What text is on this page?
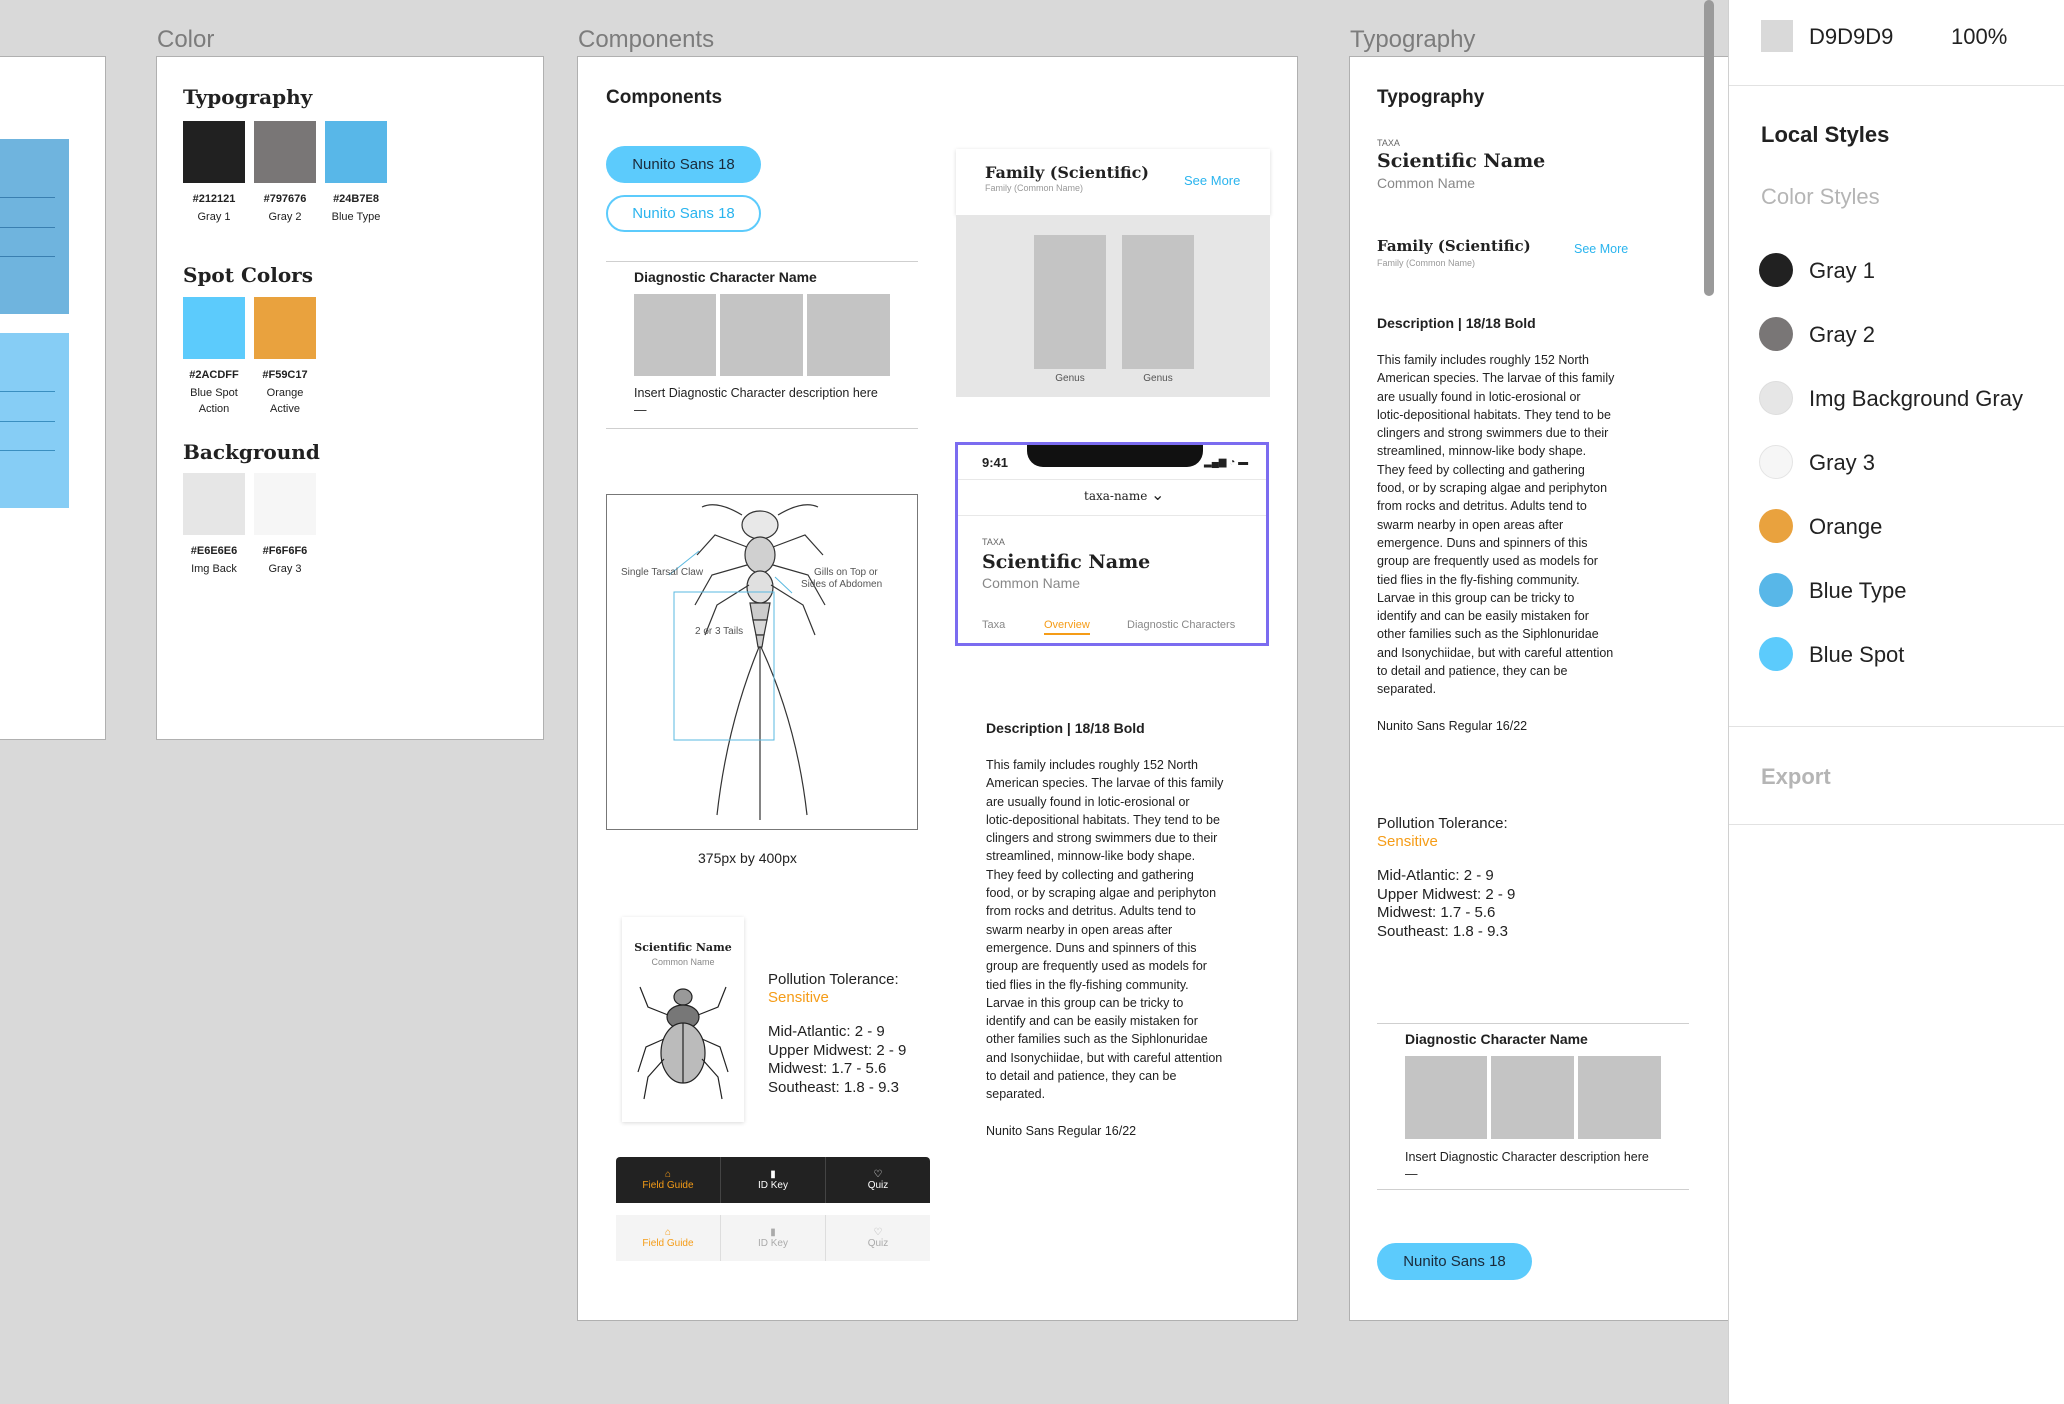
Color	Components	Typography
Typography
Spot Colors
Background
#212121
Gray 1
#797676
Gray 2
#24B7E8
Blue Type
#2ACDFF
Blue Spot
Action
#F59C17
Orange
Active
#E6E6E6
Img Back
#F6F6F6
Gray 3
Components
Nunito Sans 18
Nunito Sans 18
Diagnostic Character Name
Insert Diagnostic Character description here—
Single Tarsal Claw	Gills on Top or
Sides of Abdomen
2 or 3 Tails
375px by 400px
Scientific Name
Common Name
Pollution Tolerance:
Sensitive
Mid-Atlantic: 2 - 9
Upper Midwest: 2 - 9
Midwest: 1.7 - 5.6
Southeast: 1.8 - 9.3
⌂
Field Guide
▮
ID Key
♡
Quiz
⌂
Field Guide
▮
ID Key
♡
Quiz
Family (Scientific)
Family (Common Name)	See More
Genus	Genus
9:41	▂▄▆ ◔ ▬
taxa-name ⌄
TAXA
Scientific Name
Common Name
Taxa	Overview	Diagnostic Characters
Description | 18/18 Bold
This family includes roughly 152 North
American species. The larvae of this family
are usually found in lotic-erosional or
lotic-depositional habitats. They tend to be
clingers and strong swimmers due to their
streamlined, minnow-like body shape.
They feed by collecting and gathering
food, or by scraping algae and periphyton
from rocks and detritus. Adults tend to
swarm nearby in open areas after
emergence. Duns and spinners of this
group are frequently used as models for
tied flies in the fly-fishing community.
Larvae in this group can be tricky to
identify and can be easily mistaken for
other families such as the Siphlonuridae
and Isonychiidae, but with careful attention
to detail and patience, they can be
separated.
Nunito Sans Regular 16/22
Typography
TAXA
Scientific Name
Common Name
Family (Scientific)
Family (Common Name)
See More
Description | 18/18 Bold
This family includes roughly 152 North
American species. The larvae of this family
are usually found in lotic-erosional or
lotic-depositional habitats. They tend to be
clingers and strong swimmers due to their
streamlined, minnow-like body shape.
They feed by collecting and gathering
food, or by scraping algae and periphyton
from rocks and detritus. Adults tend to
swarm nearby in open areas after
emergence. Duns and spinners of this
group are frequently used as models for
tied flies in the fly-fishing community.
Larvae in this group can be tricky to
identify and can be easily mistaken for
other families such as the Siphlonuridae
and Isonychiidae, but with careful attention
to detail and patience, they can be
separated.
Nunito Sans Regular 16/22
Pollution Tolerance:
Sensitive
Mid-Atlantic: 2 - 9
Upper Midwest: 2 - 9
Midwest: 1.7 - 5.6
Southeast: 1.8 - 9.3
Diagnostic Character Name
Insert Diagnostic Character description here—
Nunito Sans 18
D9D9D9	100%
Local Styles
Color Styles
Gray 1
Gray 2
Img Background Gray
Gray 3
Orange
Blue Type
Blue Spot
Export
